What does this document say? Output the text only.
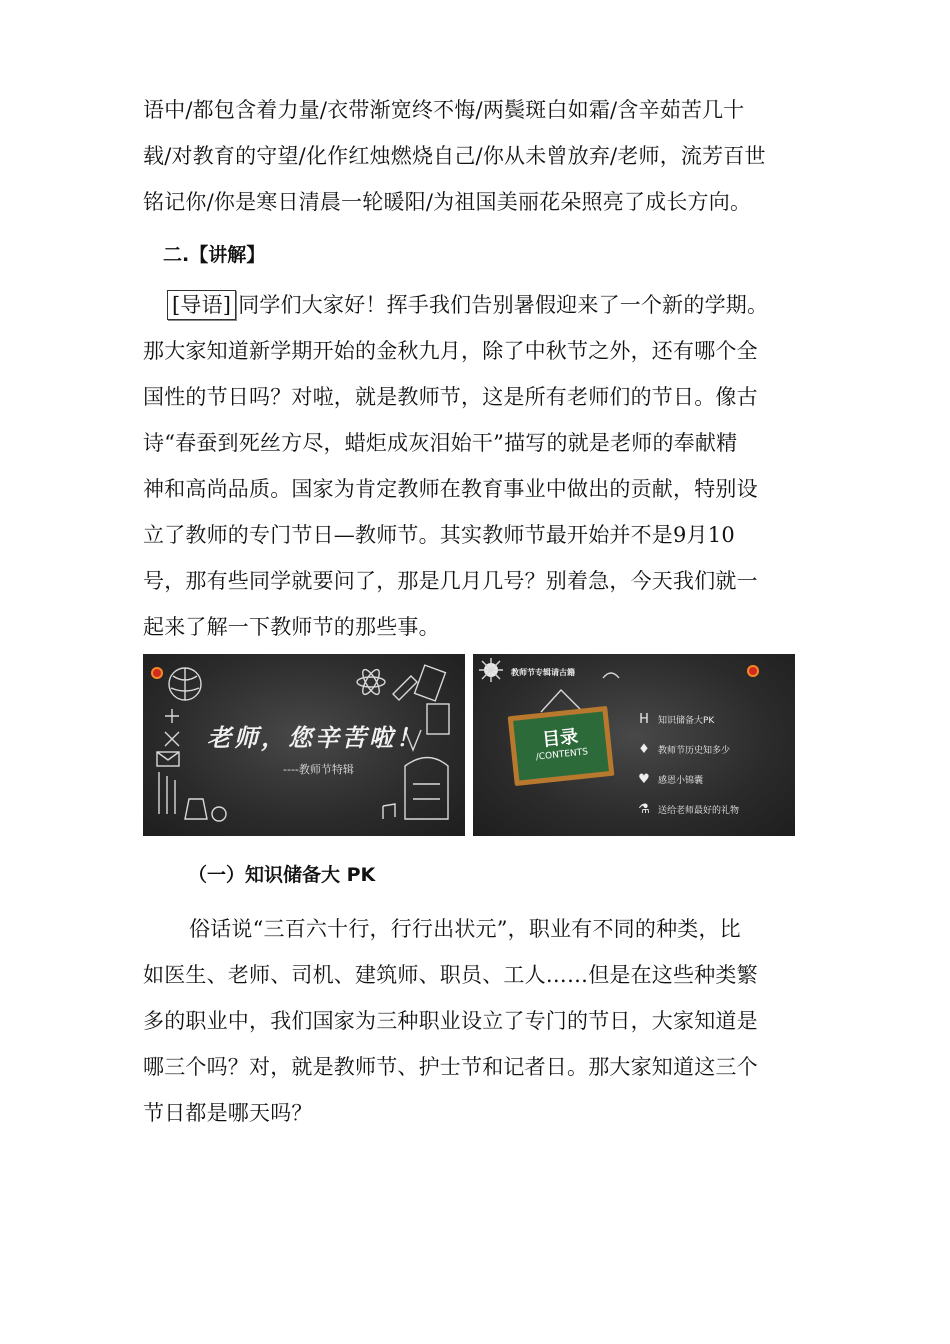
语中/都包含着力量/衣带渐宽终不悔/两鬓斑白如霜/含辛茹苦几十
载/对教育的守望/化作红烛燃烧自己/你从未曾放弃/老师，流芳百世
铭记你/你是寒日清晨一轮暖阳/为祖国美丽花朵照亮了成长方向。

二.【讲解】

[导语] 同学们大家好！挥手我们告别暑假迎来了一个新的学期。
那大家知道新学期开始的金秋九月，除了中秋节之外，还有哪个全
国性的节日吗？对啦，就是教师节，这是所有老师们的节日。像古
诗“春蚕到死丝方尽，蜡炬成灰泪始干”描写的就是老师的奉献精
神和高尚品质。国家为肯定教师在教育事业中做出的贡献，特别设
立了教师的专门节日—教师节。其实教师节最开始并不是9月10
号，那有些同学就要问了，那是几月几号？别着急，今天我们就一
起来了解一下教师节的那些事。

老师，您辛苦啦！
----教师节特辑
教师节专辑请古籍
目录
/CONTENTS
H	知识储备大PK
♦ 教师节历史知多少
♥ 感恩小锦囊
⚗ 送给老师最好的礼物
（一）知识储备大 PK

俗话说“三百六十行，行行出状元”，职业有不同的种类，比
如医生、老师、司机、建筑师、职员、工人……但是在这些种类繁
多的职业中，我们国家为三种职业设立了专门的节日，大家知道是
哪三个吗？对，就是教师节、护士节和记者日。那大家知道这三个
节日都是哪天吗？
